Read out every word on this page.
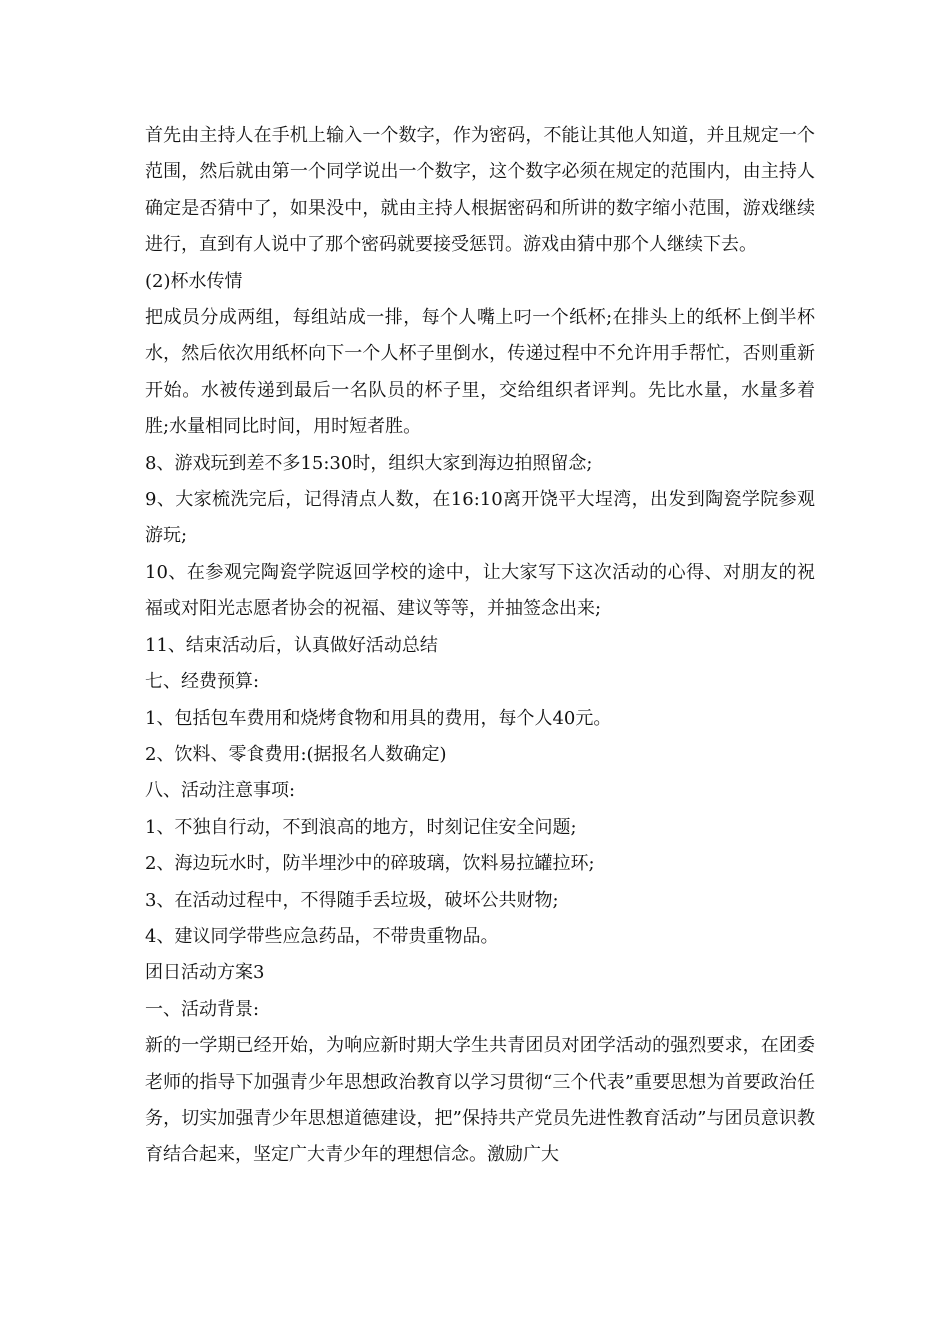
首先由主持人在手机上输入一个数字，作为密码，不能让其他人知道，并且规定一个范围，然后就由第一个同学说出一个数字，这个数字必须在规定的范围内，由主持人确定是否猜中了，如果没中，就由主持人根据密码和所讲的数字缩小范围，游戏继续进行，直到有人说中了那个密码就要接受惩罚。游戏由猜中那个人继续下去。

(2)杯水传情

把成员分成两组，每组站成一排，每个人嘴上叼一个纸杯;在排头上的纸杯上倒半杯水，然后依次用纸杯向下一个人杯子里倒水，传递过程中不允许用手帮忙，否则重新开始。水被传递到最后一名队员的杯子里，交给组织者评判。先比水量，水量多着胜;水量相同比时间，用时短者胜。

8、游戏玩到差不多15:30时，组织大家到海边拍照留念;

9、大家梳洗完后，记得清点人数，在16:10离开饶平大埕湾，出发到陶瓷学院参观游玩;

10、在参观完陶瓷学院返回学校的途中，让大家写下这次活动的心得、对朋友的祝福或对阳光志愿者协会的祝福、建议等等，并抽签念出来;

11、结束活动后，认真做好活动总结

七、经费预算:

1、包括包车费用和烧烤食物和用具的费用，每个人40元。

2、饮料、零食费用:(据报名人数确定)

八、活动注意事项:

1、不独自行动，不到浪高的地方，时刻记住安全问题;

2、海边玩水时，防半埋沙中的碎玻璃，饮料易拉罐拉环;

3、在活动过程中，不得随手丢垃圾，破坏公共财物;

4、建议同学带些应急药品，不带贵重物品。

团日活动方案3

一、活动背景:

新的一学期已经开始，为响应新时期大学生共青团员对团学活动的强烈要求，在团委老师的指导下加强青少年思想政治教育以学习贯彻“三个代表”重要思想为首要政治任务，切实加强青少年思想道德建设，把”保持共产党员先进性教育活动”与团员意识教育结合起来，坚定广大青少年的理想信念。激励广大
